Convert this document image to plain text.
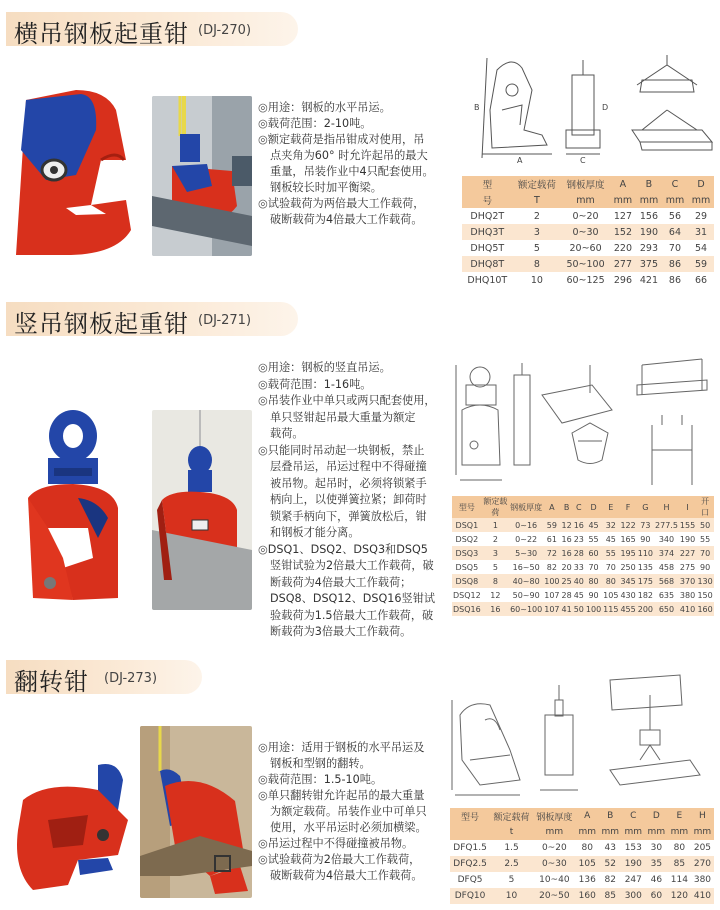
横吊钢板起重钳 (DJ-270)

◎用途：钢板的水平吊运。

◎载荷范围：2-10吨。

◎额定载荷是指吊钳成对使用，吊

点夹角为60° 时允许起吊的最大

重量，吊装作业中4只配套使用。

钢板较长时加平衡梁。

◎试验载荷为两倍最大工作载荷，

破断载荷为4倍最大工作载荷。

A
B
C
D
型	额定载荷	钢板厚度	A	B	C	D
号	T	mm	mm	mm	mm	mm
DHQ2T	2	0~20	127	156	56	29
DHQ3T	3	0~30	152	190	64	31
DHQ5T	5	20~60	220	293	70	54
DHQ8T	8	50~100	277	375	86	59
DHQ10T	10	60~125	296	421	86	66
竖吊钢板起重钳 (DJ-271)

◎用途：钢板的竖直吊运。

◎载荷范围：1-16吨。

◎吊装作业中单只或两只配套使用，

单只竖钳起吊最大重量为额定

载荷。

◎只能同时吊动起一块钢板，禁止

层叠吊运，吊运过程中不得碰撞

被吊物。起吊时，必须将锁紧手

柄向上，以使弹簧拉紧；卸荷时

锁紧手柄向下，弹簧放松后，钳

和钢板才能分离。

◎DSQ1、DSQ2、DSQ3和DSQ5

竖钳试验为2倍最大工作载荷，破

断载荷为4倍最大工作载荷；

DSQ8、DSQ12、DSQ16竖钳试

验载荷为1.5倍最大工作载荷，破

断载荷为3倍最大工作载荷。

型号	额定载荷	钢板厚度	A	B	C	D	E	F	G	H	I	开口
DSQ1	1	0~16	59	12	16	45	32	122	73	277.5	155	50
DSQ2	2	0~22	61	16	23	55	45	165	90	340	190	55
DSQ3	3	5~30	72	16	28	60	55	195	110	374	227	70
DSQ5	5	16~50	82	20	33	70	70	250	135	458	275	90
DSQ8	8	40~80	100	25	40	80	80	345	175	568	370	130
DSQ12	12	50~90	107	28	45	90	105	430	182	635	380	150
DSQ16	16	60~100	107	41	50	100	115	455	200	650	410	160
翻转钳 (DJ-273)

◎用途：适用于钢板的水平吊运及

钢板和型钢的翻转。

◎载荷范围：1.5-10吨。

◎单只翻转钳允许起吊的最大重量

为额定载荷。吊装作业中可单只

使用，水平吊运时必须加横梁。

◎吊运过程中不得碰撞被吊物。

◎试验载荷为2倍最大工作载荷，

破断载荷为4倍最大工作载荷。

型号	额定载荷	钢板厚度	A	B	C	D	E	H
	t	mm	mm	mm	mm	mm	mm	mm
DFQ1.5	1.5	0~20	80	43	153	30	80	205
DFQ2.5	2.5	0~30	105	52	190	35	85	270
DFQ5	5	10~40	136	82	247	46	114	380
DFQ10	10	20~50	160	85	300	60	120	410
